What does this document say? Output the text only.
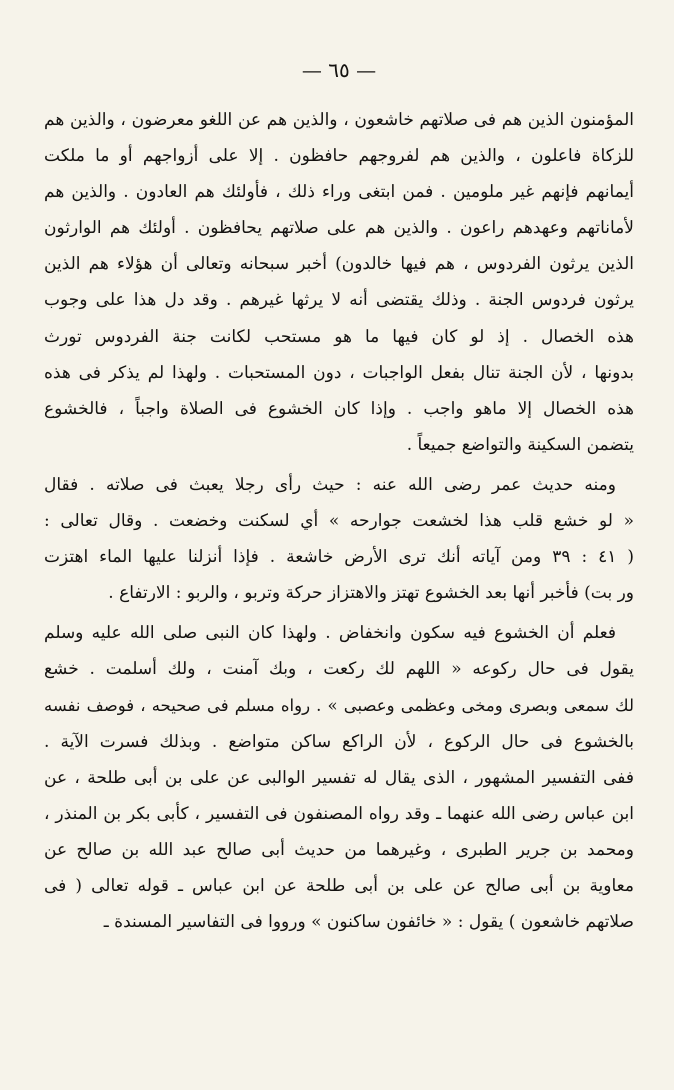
— ٦٥ —
المؤمنون الذين هم فى صلاتهم خاشعون ، والذين هم عن اللغو معرضون ، والذين هم
للزكاة فاعلون ، والذين هم لفروجهم حافظون . إلا على أزواجهم أو ما ملكت
أيمانهم فإنهم غير ملومين . فمن ابتغى وراء ذلك ، فأولئك هم العادون . والذين هم
لأماناتهم وعهدهم راعون . والذين هم على صلاتهم يحافظون . أولئك هم الوارثون
الذين يرثون الفردوس ، هم فيها خالدون) أخبر سبحانه وتعالى أن هؤلاء هم الذين
يرثون فردوس الجنة . وذلك يقتضى أنه لا يرثها غيرهم . وقد دل هذا على وجوب
هذه الخصال . إذ لو كان فيها ما هو مستحب لكانت جنة الفردوس تورث
بدونها ، لأن الجنة تنال بفعل الواجبات ، دون المستحبات . ولهذا لم يذكر فى هذه
هذه الخصال إلا ماهو واجب . وإذا كان الخشوع فى الصلاة واجباً ، فالخشوع
يتضمن السكينة والتواضع جميعاً .
ومنه حديث عمر رضى الله عنه : حيث رأى رجلا يعبث فى صلاته . فقال
« لو خشع قلب هذا لخشعت جوارحه » أي لسكنت وخضعت . وقال تعالى :
( ٤١ : ٣٩ ومن آياته أنك ترى الأرض خاشعة . فإذا أنزلنا عليها الماء اهتزت
ور بت) فأخبر أنها بعد الخشوع تهتز والاهتزاز حركة وتربو ، والربو : الارتفاع .
فعلم أن الخشوع فيه سكون وانخفاض . ولهذا كان النبى صلى الله عليه وسلم
يقول فى حال ركوعه « اللهم لك ركعت ، وبك آمنت ، ولك أسلمت . خشع
لك سمعى وبصرى ومخى وعظمى وعصبى » . رواه مسلم فى صحيحه ، فوصف نفسه
بالخشوع فى حال الركوع ، لأن الراكع ساكن متواضع . وبذلك فسرت الآية .
ففى التفسير المشهور ، الذى يقال له تفسير الوالبى عن على بن أبى طلحة ، عن
ابن عباس رضى الله عنهما ـ وقد رواه المصنفون فى التفسير ، كأبى بكر بن المنذر ،
ومحمد بن جرير الطبرى ، وغيرهما من حديث أبى صالح عبد الله بن صالح عن
معاوية بن أبى صالح عن على بن أبى طلحة عن ابن عباس ـ قوله تعالى ( فى
صلاتهم خاشعون ) يقول : « خائفون ساكنون » ورووا فى التفاسير المسندة ـ
